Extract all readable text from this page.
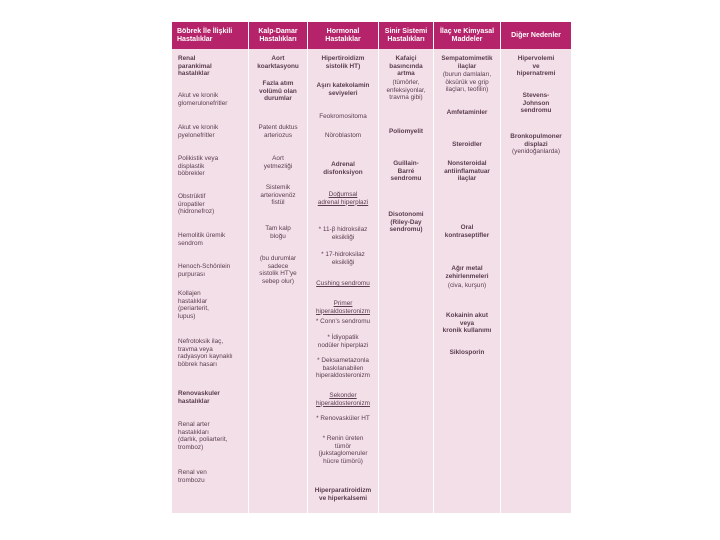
Böbrek İle İlişkili
Hastalıklar
Kalp-Damar
Hastalıkları
Hormonal
Hastalıklar
Sinir Sistemi
Hastalıkları
İlaç ve Kimyasal
Maddeler
Diğer Nedenler
Renal
parankimal
hastalıklar
Akut ve kronik
glomerulonefritler
Akut ve kronik
pyelonefritler
Polikistik veya
displastik
böbrekler
Obstrüktif
üropatiler
(hidronefroz)
Hemolitik üremik
sendrom
Henoch-Schönlein
purpurası
Kollajen
hastalıklar
(periarterit,
lupus)
Nefrotoksik ilaç,
travma veya
radyasyon kaynaklı
böbrek hasarı
Renovaskuler
hastalıklar
Renal arter
hastalıkları
(darlık, poliarterit,
tromboz)
Renal ven
trombozu
Aort
koarktasyonu
Fazla atım
volümü olan
durumlar
Patent duktus
arteriozus
Aort
yetmezliği
Sistemik
arteriovenöz
fistül
Tam kalp
bloğu
(bu durumlar
sadece
sistolik HT'ye
sebep olur)
Hipertiroidizm
sistolik HT)
Aşırı katekolamin
seviyeleri
Feokromositoma
Nöroblastom
Adrenal
disfonksiyon
Doğumsal
adrenal hiperplazi
* 11-β hidroksilaz
eksikliği
* 17-hidroksilaz
eksikliği
Cushing sendromu
Primer
hiperaldosteronizm
* Conn's sendromu
* İdiyopatik
nodüler hiperplazi
* Deksametazonla
baskılanabilen
hiperaldosteronizm
Sekonder
hiperaldosteronizm
* Renovasküler HT
* Renin üreten
tümör
(jukstaglomeruler
hücre tümörü)
Hiperparatiroidizm
ve hiperkalsemi
Kafaiçi
basıncında
artma
(tümörler,
enfeksiyonlar,
travma gibi)
Poliomyelit
Guillain-
Barré
sendromu
Disotonomi
(Riley-Day
sendromu)
Sempatomimetik
ilaçlar
(burun damlaları,
öksürük ve grip
ilaçları, teofilin)
Amfetaminler
Steroidler
Nonsteroidal
antiinflamatuar
ilaçlar
Oral
kontraseptifler
Ağır metal
zehirlenmeleri
(civa, kurşun)
Kokainin akut
veya
kronik kullanımı
Siklosporin
Hipervolemi
ve
hipernatremi
Stevens-
Johnson
sendromu
Bronkopulmoner
displazi
(yenidoğanlarda)
